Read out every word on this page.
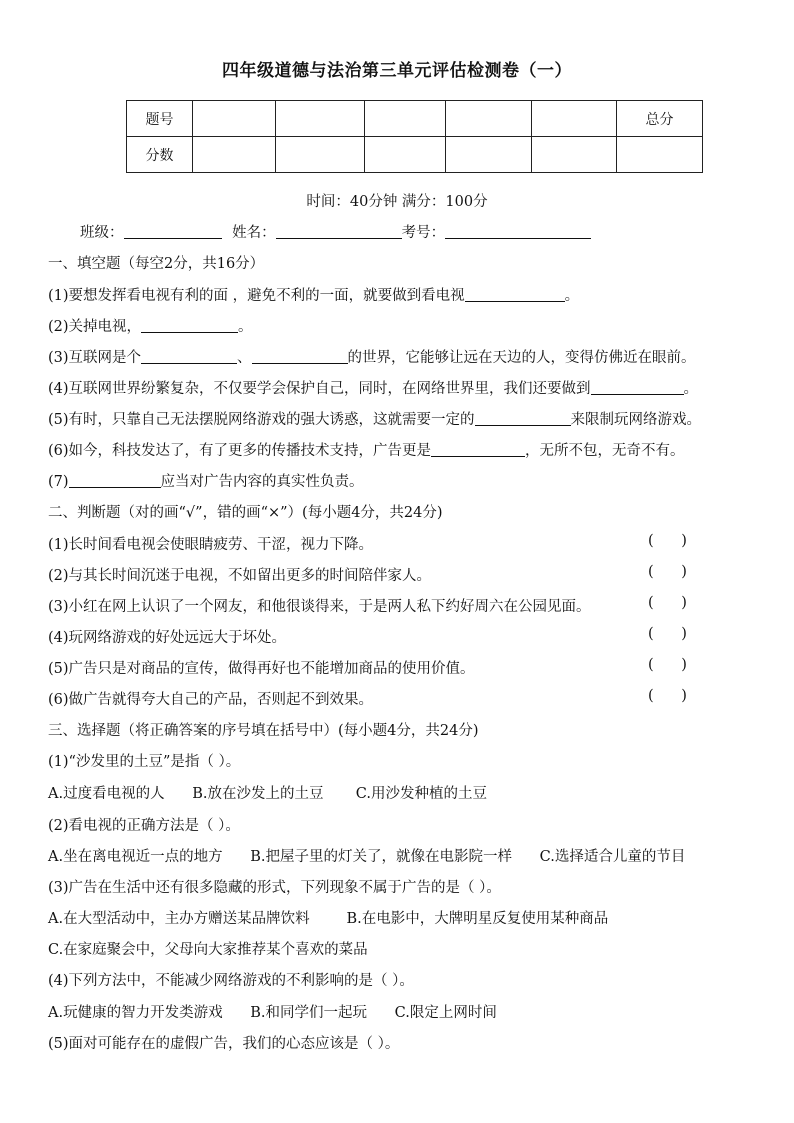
四年级道德与法治第三单元评估检测卷（一）
题号						总分
分数						
时间：40分钟 满分：100分
班级：	姓名：	考号：
一、填空题（每空2分，共16分）
(1)要想发挥看电视有利的面 ，避免不利的一面，就要做到看电视	。
(2)关掉电视，	。
(3)互联网是个	、	的世界，它能够让远在天边的人，变得仿佛近在眼前。
(4)互联网世界纷繁复杂，不仅要学会保护自己，同时，在网络世界里，我们还要做到	。
(5)有时，只靠自己无法摆脱网络游戏的强大诱惑，这就需要一定的	来限制玩网络游戏。
(6)如今，科技发达了，有了更多的传播技术支持，广告更是	，无所不包，无奇不有。
(7)	应当对广告内容的真实性负责。
二、判断题（对的画“√”，错的画“×”）(每小题4分，共24分)
(1)长时间看电视会使眼睛疲劳、干涩，视力下降。	(      )
(2)与其长时间沉迷于电视，不如留出更多的时间陪伴家人。	(      )
(3)小红在网上认识了一个网友，和他很谈得来，于是两人私下约好周六在公园见面。	(      )
(4)玩网络游戏的好处远远大于坏处。	(      )
(5)广告只是对商品的宣传，做得再好也不能增加商品的使用价值。	(      )
(6)做广告就得夸大自己的产品，否则起不到效果。	(      )
三、选择题（将正确答案的序号填在括号中）(每小题4分，共24分)
(1)“沙发里的土豆”是指（ ）。
A.过度看电视的人      B.放在沙发上的土豆       C.用沙发种植的土豆
(2)看电视的正确方法是（ ）。
A.坐在离电视近一点的地方      B.把屋子里的灯关了，就像在电影院一样      C.选择适合儿童的节目
(3)广告在生活中还有很多隐藏的形式，下列现象不属于广告的是（ ）。
A.在大型活动中，主办方赠送某品牌饮料        B.在电影中，大牌明星反复使用某种商品
C.在家庭聚会中，父母向大家推荐某个喜欢的菜品
(4)下列方法中，不能减少网络游戏的不利影响的是（ ）。
A.玩健康的智力开发类游戏      B.和同学们一起玩      C.限定上网时间
(5)面对可能存在的虚假广告，我们的心态应该是（ ）。
